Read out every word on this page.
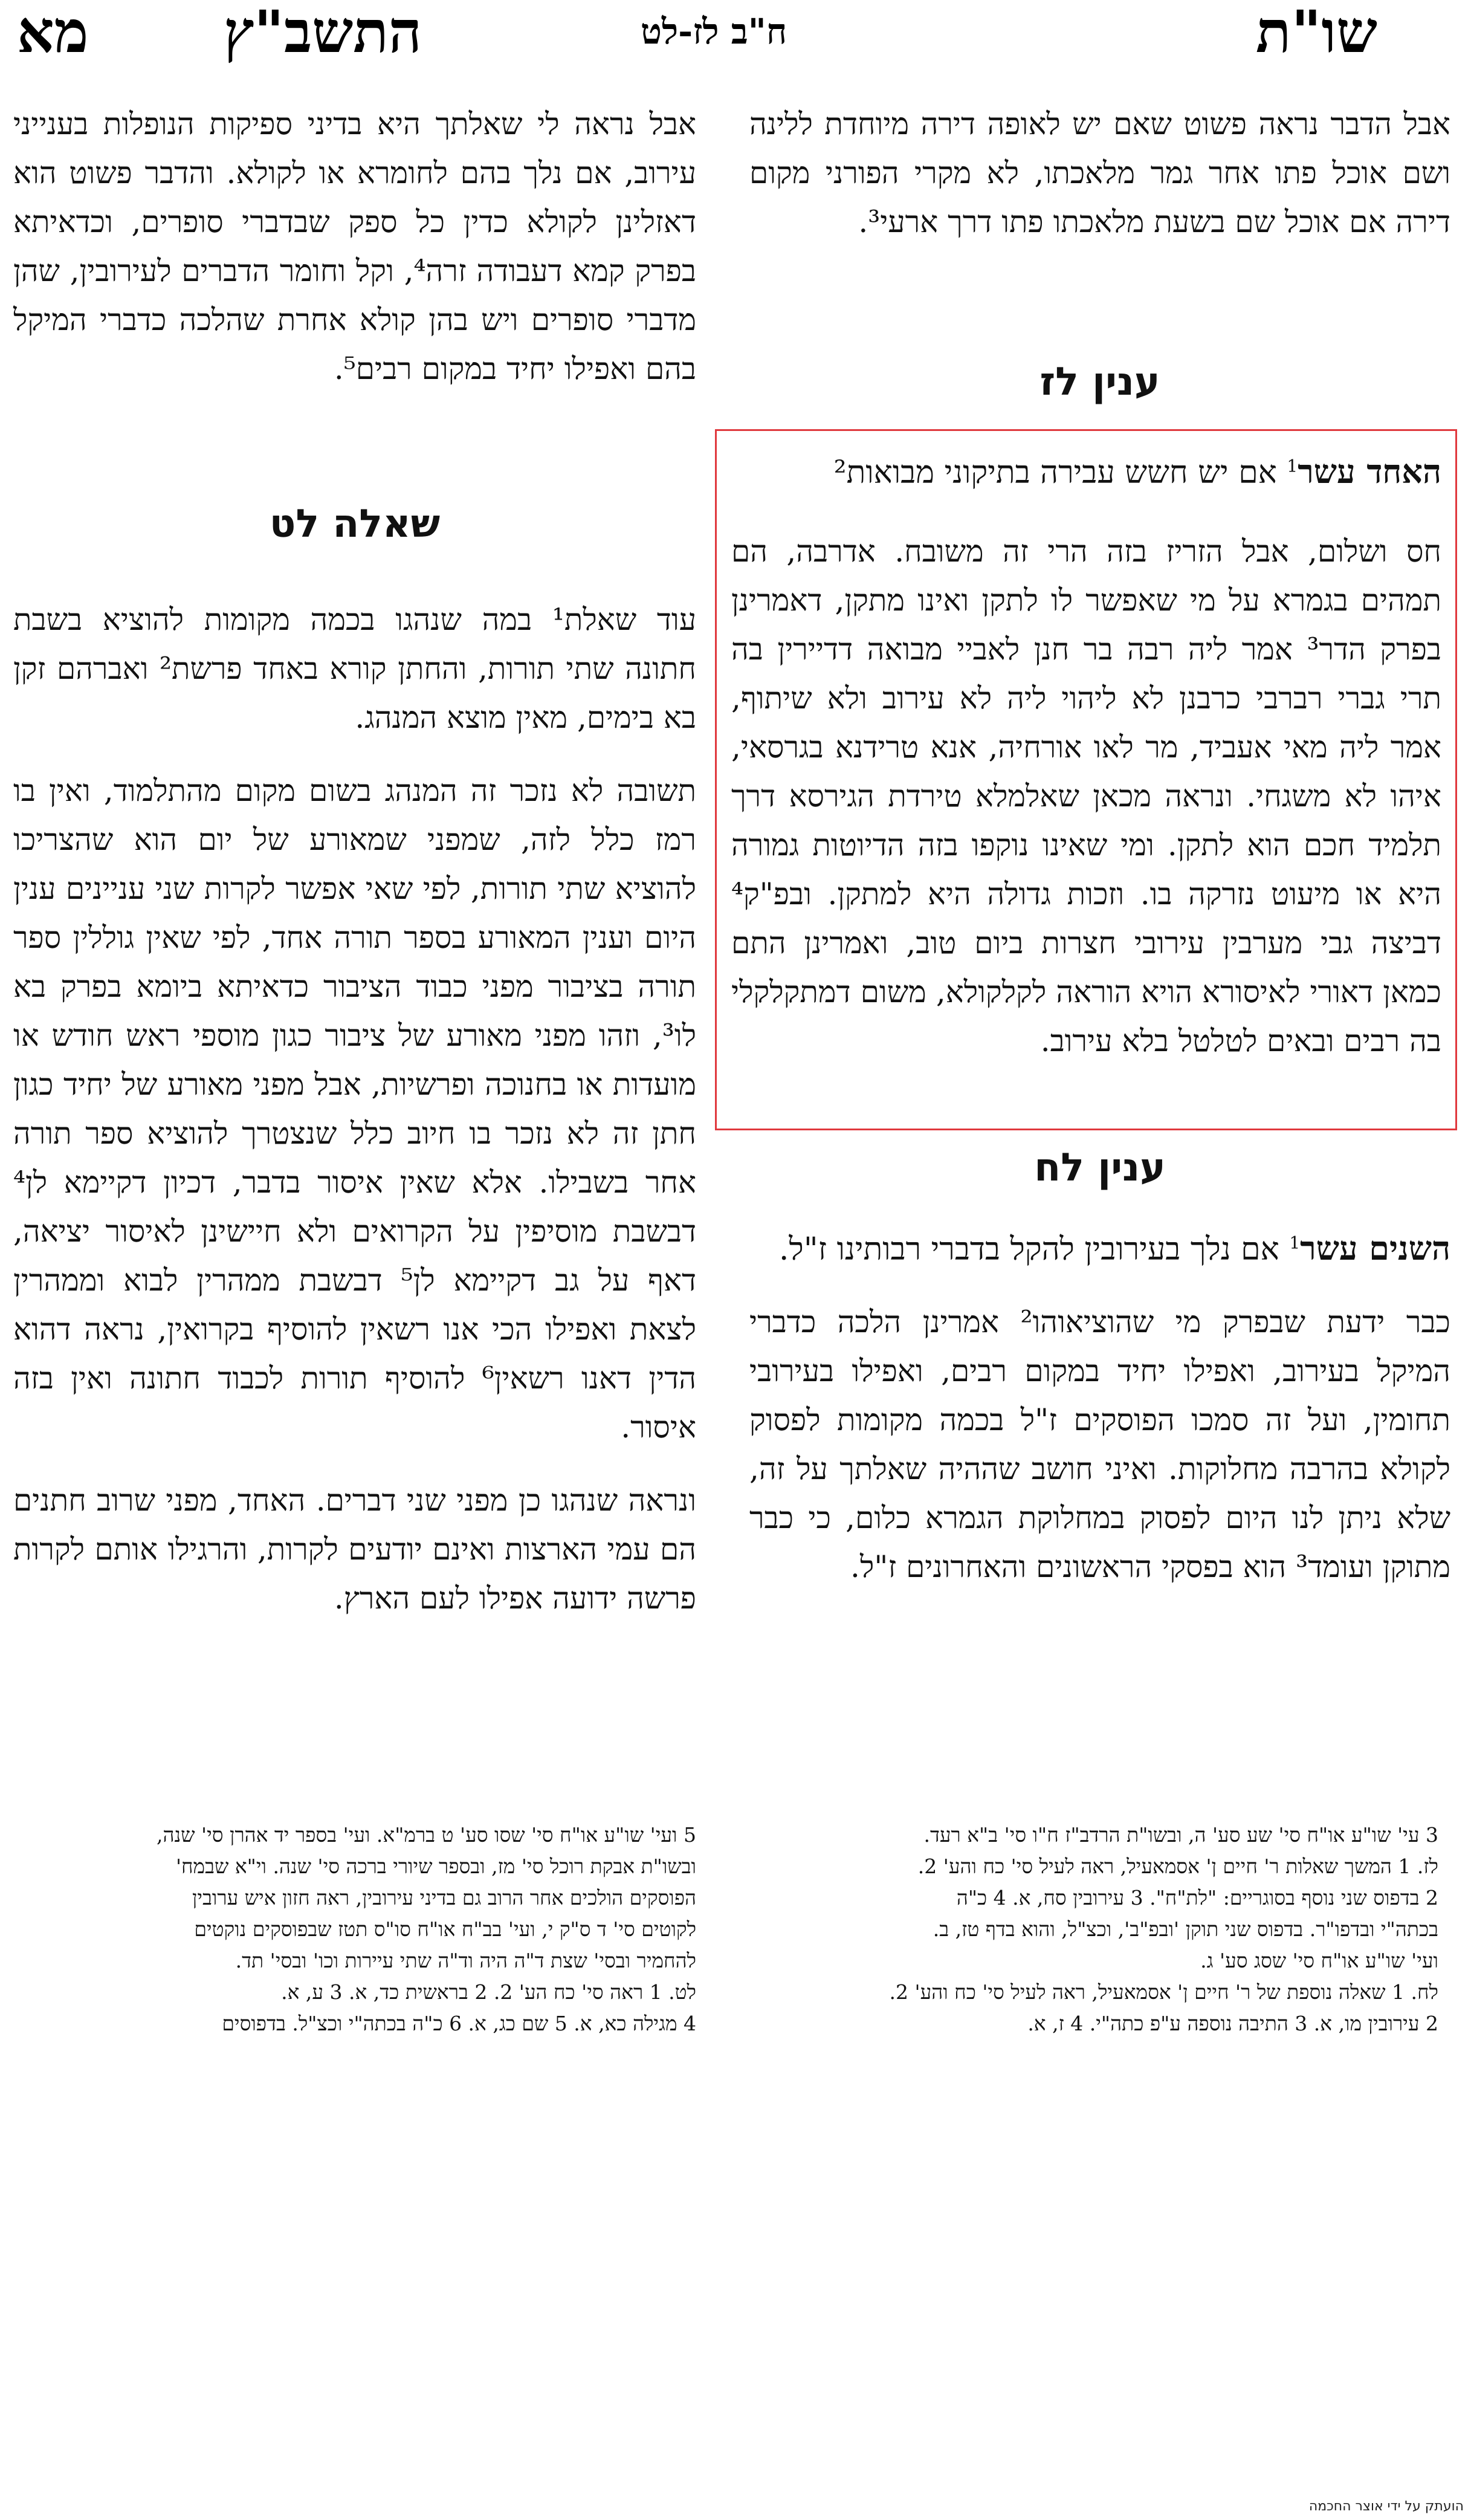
שו"ת
ח"ב לז-לט
התשב"ץ
מא

אבל הדבר נראה פשוט שאם יש לאופה דירה מיוחדת ללינה ושם אוכל פתו אחר גמר מלאכתו, לא מקרי הפורני מקום דירה אם אוכל שם בשעת מלאכתו פתו דרך ארעי³.

ענין לז

האחד עשר$^1$ אם יש חשש עבירה בתיקוני מבואות²

חס ושלום, אבל הזריז בזה הרי זה משובח. אדרבה, הם תמהים בגמרא על מי שאפשר לו לתקן ואינו מתקן, דאמרינן בפרק הדר³ אמר ליה רבה בר חנן לאביי מבואה דדיירין בה תרי גברי רברבי כרבנן לא ליהוי ליה לא עירוב ולא שיתוף, אמר ליה מאי אעביד, מר לאו אורחיה, אנא טרידנא בגרסאי, איהו לא משגחי. ונראה מכאן שאלמלא טירדת הגירסא דרך תלמיד חכם הוא לתקן. ומי שאינו נוקפו בזה הדיוטות גמורה היא או מיעוט נזרקה בו. וזכות גדולה היא למתקן. ובפ"ק⁴ דביצה גבי מערבין עירובי חצרות ביום טוב, ואמרינן התם כמאן דאורי לאיסורא הויא הוראה לקלקולא, משום דמתקלקלי בה רבים ובאים לטלטל בלא עירוב.

ענין לח

השנים עשר$^1$ אם נלך בעירובין להקל בדברי רבותינו ז"ל.

כבר ידעת שבפרק מי שהוציאוהו² אמרינן הלכה כדברי המיקל בעירוב, ואפילו יחיד במקום רבים, ואפילו בעירובי תחומין, ועל זה סמכו הפוסקים ז"ל בכמה מקומות לפסוק לקולא בהרבה מחלוקות. ואיני חושב שההיה שאלתך על זה, שלא ניתן לנו היום לפסוק במחלוקת הגמרא כלום, כי כבר מתוקן ועומד³ הוא בפסקי הראשונים והאחרונים ז"ל.

אבל נראה לי שאלתך היא בדיני ספיקות הנופלות בענייני עירוב, אם נלך בהם לחומרא או לקולא. והדבר פשוט הוא דאזלינן לקולא כדין כל ספק שבדברי סופרים, וכדאיתא בפרק קמא דעבודה זרה⁴, וקל וחומר הדברים לעירובין, שהן מדברי סופרים ויש בהן קולא אחרת שהלכה כדברי המיקל בהם ואפילו יחיד במקום רבים⁵.

שאלה לט

עוד שאלת¹ במה שנהגו בכמה מקומות להוציא בשבת חתונה שתי תורות, והחתן קורא באחד פרשת² ואברהם זקן בא בימים, מאין מוצא המנהג.

תשובה לא נזכר זה המנהג בשום מקום מהתלמוד, ואין בו רמז כלל לזה, שמפני שמאורע של יום הוא שהצריכו להוציא שתי תורות, לפי שאי אפשר לקרות שני עניינים ענין היום וענין המאורע בספר תורה אחד, לפי שאין גוללין ספר תורה בציבור מפני כבוד הציבור כדאיתא ביומא בפרק בא לו³, וזהו מפני מאורע של ציבור כגון מוספי ראש חודש או מועדות או בחנוכה ופרשיות, אבל מפני מאורע של יחיד כגון חתן זה לא נזכר בו חיוב כלל שנצטרך להוציא ספר תורה אחר בשבילו. אלא שאין איסור בדבר, דכיון דקיימא לן⁴ דבשבת מוסיפין על הקרואים ולא חיישינן לאיסור יציאה, דאף על גב דקיימא לן⁵ דבשבת ממהרין לבוא וממהרין לצאת ואפילו הכי אנו רשאין להוסיף בקרואין, נראה דהוא הדין דאנו רשאין⁶ להוסיף תורות לכבוד חתונה ואין בזה איסור.

ונראה שנהגו כן מפני שני דברים. האחד, מפני שרוב חתנים הם עמי הארצות ואינם יודעים לקרות, והרגילו אותם לקרות פרשה ידועה אפילו לעם הארץ.

3 עי' שו"ע או"ח סי' שע סע' ה, ובשו"ת הרדב"ז ח"ו סי' ב"א רעד.
לז. 1 המשך שאלות ר' חיים ן' אסמאעיל, ראה לעיל סי' כח והע' 2.
2 בדפוס שני נוסף בסוגריים: "לת"ח". 3 עירובין סח, א. 4 כ"ה
בכתה"י ובדפו"ר. בדפוס שני תוקן 'ובפ"ב', וכצ"ל, והוא בדף טז, ב.
ועי' שו"ע או"ח סי' שסג סע' ג.
לח. 1 שאלה נוספת של ר' חיים ן' אסמאעיל, ראה לעיל סי' כח והע' 2.
2 עירובין מו, א. 3 התיבה נוספה ע"פ כתה"י. 4 ז, א.
5 ועי' שו"ע או"ח סי' שסו סע' ט ברמ"א. ועי' בספר יד אהרן סי' שנה,
ובשו"ת אבקת רוכל סי' מז, ובספר שיורי ברכה סי' שנה. וי"א שבמח'
הפוסקים הולכים אחר הרוב גם בדיני עירובין, ראה חזון איש ערובין
לקוטים סי' ד ס"ק י, ועי' בב"ח או"ח סו"ס תטז שבפוסקים נוקטים
להחמיר ובסי' שצת ד"ה היה וד"ה שתי עיירות וכו' ובסי' תד.
לט. 1 ראה סי' כח הע' 2. 2 בראשית כד, א. 3 ע, א.
4 מגילה כא, א. 5 שם כג, א. 6 כ"ה בכתה"י וכצ"ל. בדפוסים
הועתק על ידי אוצר החכמה
